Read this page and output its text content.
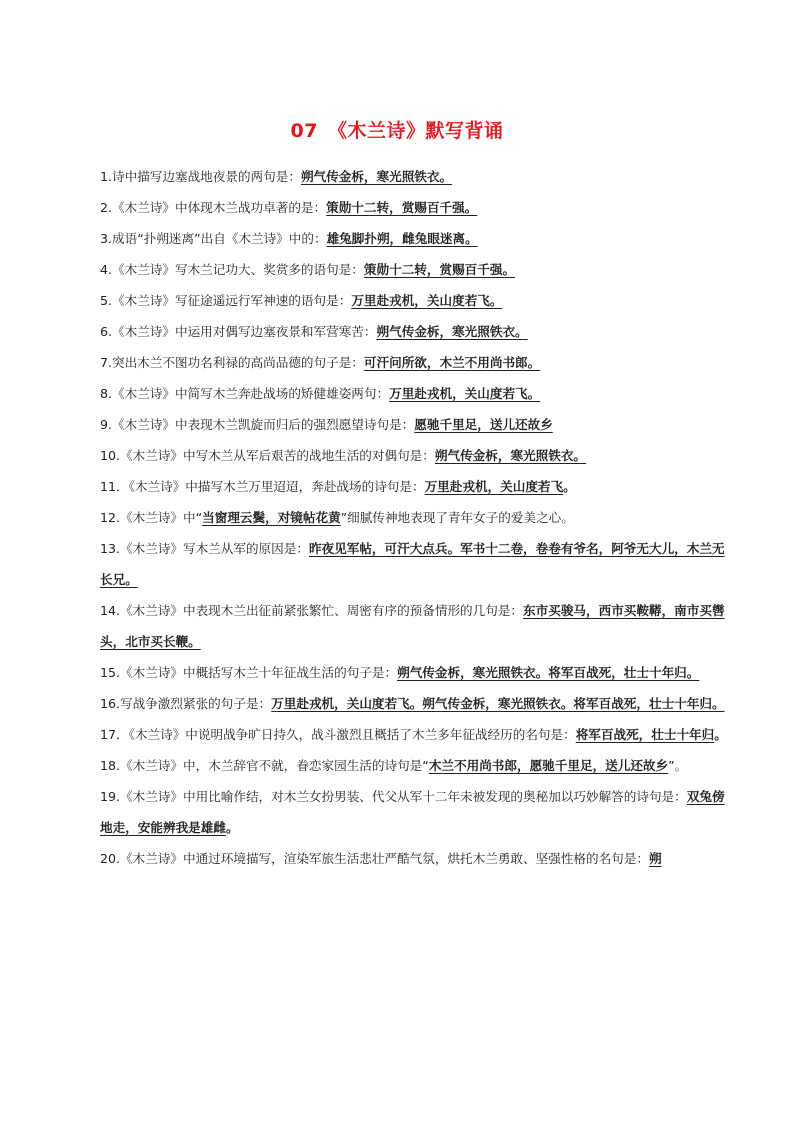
07 《木兰诗》默写背诵

1.诗中描写边塞战地夜景的两句是：朔气传金柝，寒光照铁衣。

2.《木兰诗》中体现木兰战功卓著的是：策勋十二转，赏赐百千强。

3.成语“扑朔迷离”出自《木兰诗》中的：雄兔脚扑朔，雌兔眼迷离。

4.《木兰诗》写木兰记功大、奖赏多的语句是：策勋十二转，赏赐百千强。

5.《木兰诗》写征途遥远行军神速的语句是：万里赴戎机，关山度若飞。

6.《木兰诗》中运用对偶写边塞夜景和军营寒苦：朔气传金柝，寒光照铁衣。

7.突出木兰不图功名利禄的高尚品德的句子是：可汗问所欲，木兰不用尚书郎。

8.《木兰诗》中简写木兰奔赴战场的矫健雄姿两句：万里赴戎机，关山度若飞。

9.《木兰诗》中表现木兰凯旋而归后的强烈愿望诗句是：愿驰千里足，送儿还故乡

10.《木兰诗》中写木兰从军后艰苦的战地生活的对偶句是：朔气传金柝，寒光照铁衣。

11．《木兰诗》中描写木兰万里迢迢，奔赴战场的诗句是：万里赴戎机，关山度若飞。

12.《木兰诗》中“当窗理云鬓，对镜帖花黄”细腻传神地表现了青年女子的爱美之心。

13.《木兰诗》写木兰从军的原因是：昨夜见军帖，可汗大点兵。军书十二卷，卷卷有爷名，阿爷无大儿，木兰无长兄。

14.《木兰诗》中表现木兰出征前紧张繁忙、周密有序的预备情形的几句是：东市买骏马，西市买鞍鞯，南市买辔头，北市买长鞭。

15.《木兰诗》中概括写木兰十年征战生活的句子是：朔气传金柝，寒光照铁衣。将军百战死，壮士十年归。

16.写战争激烈紧张的句子是：万里赴戎机，关山度若飞。朔气传金柝，寒光照铁衣。将军百战死，壮士十年归。

17．《木兰诗》中说明战争旷日持久，战斗激烈且概括了木兰多年征战经历的名句是：将军百战死，壮士十年归。

18.《木兰诗》中，木兰辞官不就，眷恋家园生活的诗句是“木兰不用尚书郎，愿驰千里足，送儿还故乡”。

19.《木兰诗》中用比喻作结，对木兰女扮男装、代父从军十二年未被发现的奥秘加以巧妙解答的诗句是：双兔傍地走，安能辨我是雄雌。

20.《木兰诗》中通过环境描写，渲染军旅生活悲壮严酷气氛，烘托木兰勇敢、坚强性格的名句是：朔
